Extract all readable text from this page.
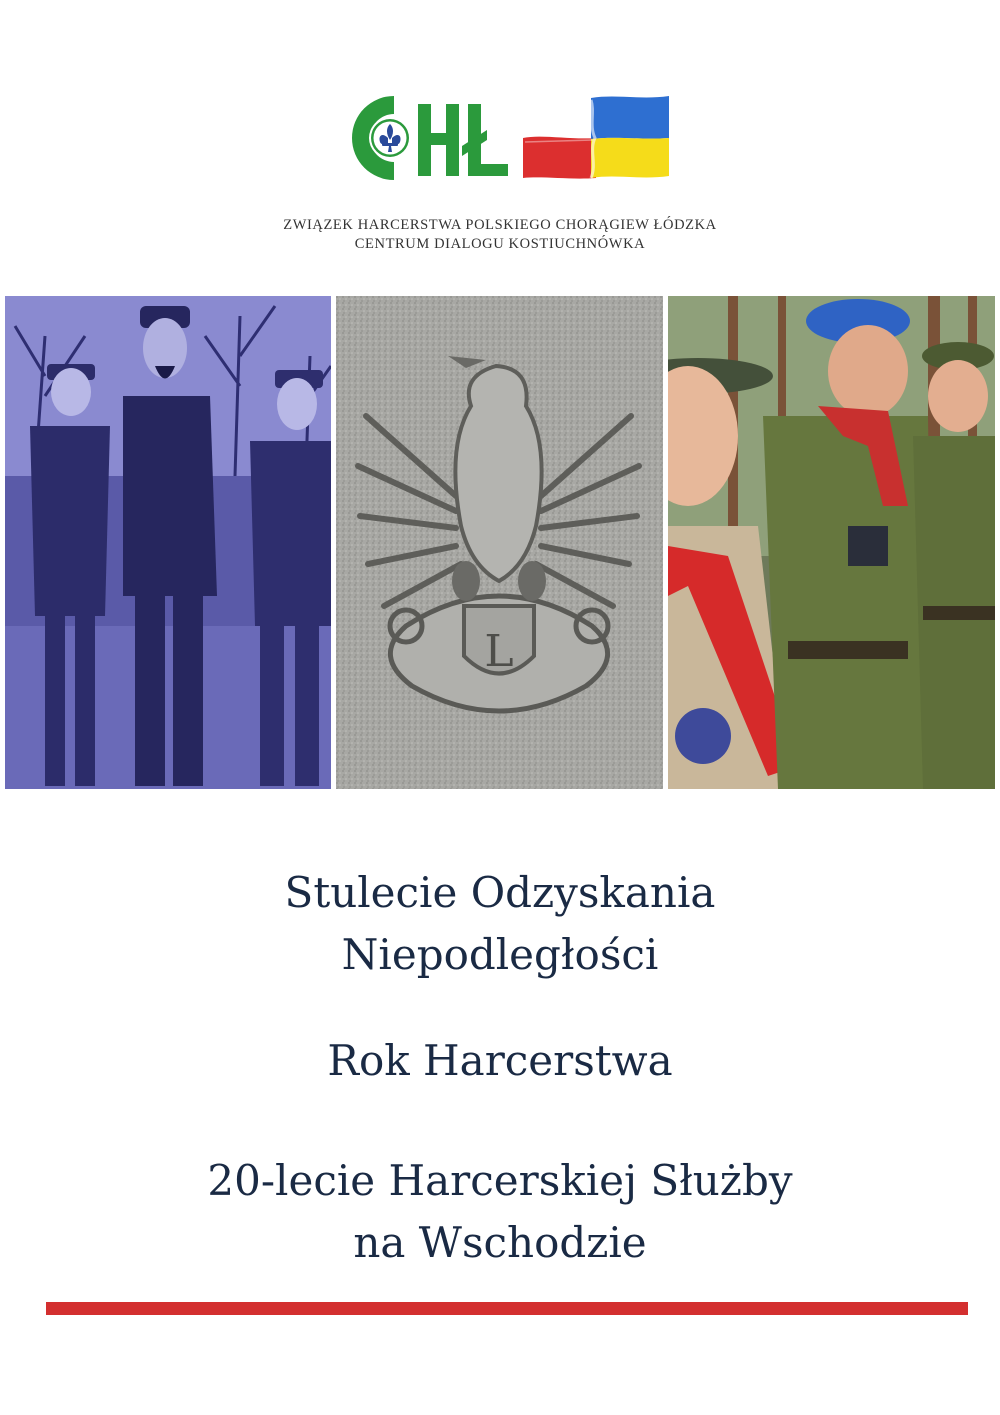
ZWIĄZEK HARCERSTWA POLSKIEGO CHORĄGIEW ŁÓDZKA
CENTRUM DIALOGU KOSTIUCHNÓWKA
L
Stulecie Odzyskania
Niepodległości
Rok Harcerstwa
20-lecie Harcerskiej Służby
na Wschodzie
